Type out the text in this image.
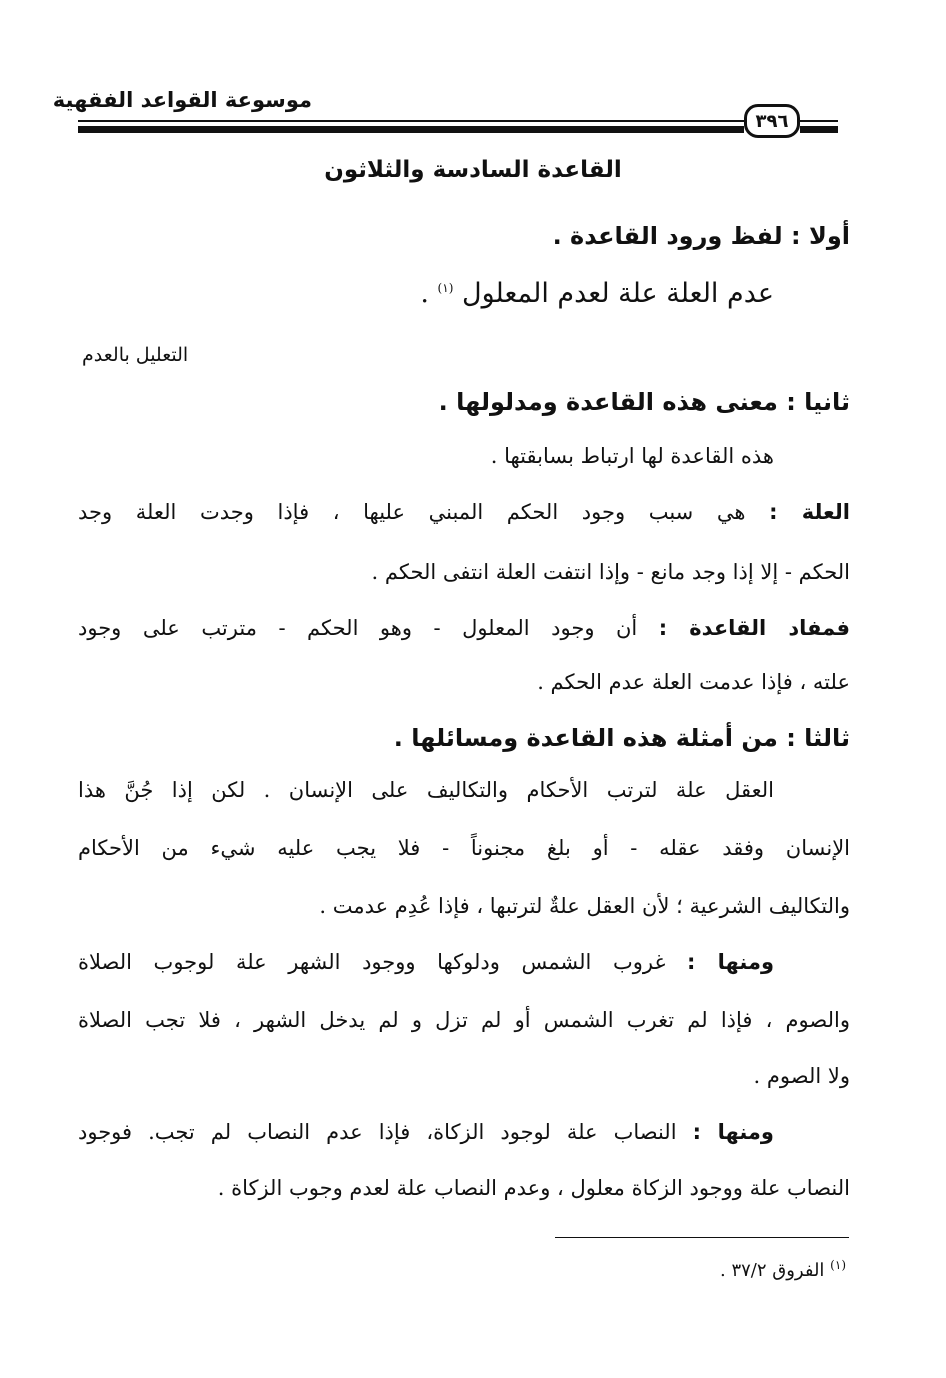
موسوعة القواعد الفقهية
٣٩٦
القاعدة السادسة والثلاثون
أولا : لفظ ورود القاعدة .
عدم العلة علة لعدم المعلول $^{(١)}$ .
التعليل بالعدم
ثانيا : معنى هذه القاعدة ومدلولها .
هذه القاعدة لها ارتباط بسابقتها .
العلة : هي سبب وجود الحكم المبني عليها ، فإذا وجدت العلة وجد
الحكم - إلا إذا وجد مانع - وإذا انتفت العلة انتفى الحكم .
فمفاد القاعدة : أن وجود المعلول - وهو الحكم - مترتب على وجود
علته ، فإذا عدمت العلة عدم الحكم .
ثالثا : من أمثلة هذه القاعدة ومسائلها .
العقل علة لترتب الأحكام والتكاليف على الإنسان . لكن إذا جُنَّ هذا
الإنسان وفقد عقله - أو بلغ مجنوناً - فلا يجب عليه شيء من الأحكام
والتكاليف الشرعية ؛ لأن العقل علةٌ لترتبها ، فإذا عُدِم عدمت .
ومنها : غروب الشمس ودلوكها ووجود الشهر علة لوجوب الصلاة
والصوم ، فإذا لم تغرب الشمس أو لم تزل و لم يدخل الشهر ، فلا تجب الصلاة
ولا الصوم .
ومنها : النصاب علة لوجود الزكاة، فإذا عدم النصاب لم تجب. فوجود
النصاب علة ووجود الزكاة معلول ، وعدم النصاب علة لعدم وجوب الزكاة .
$^{(١)}$ الفروق ٣٧/٢ .
